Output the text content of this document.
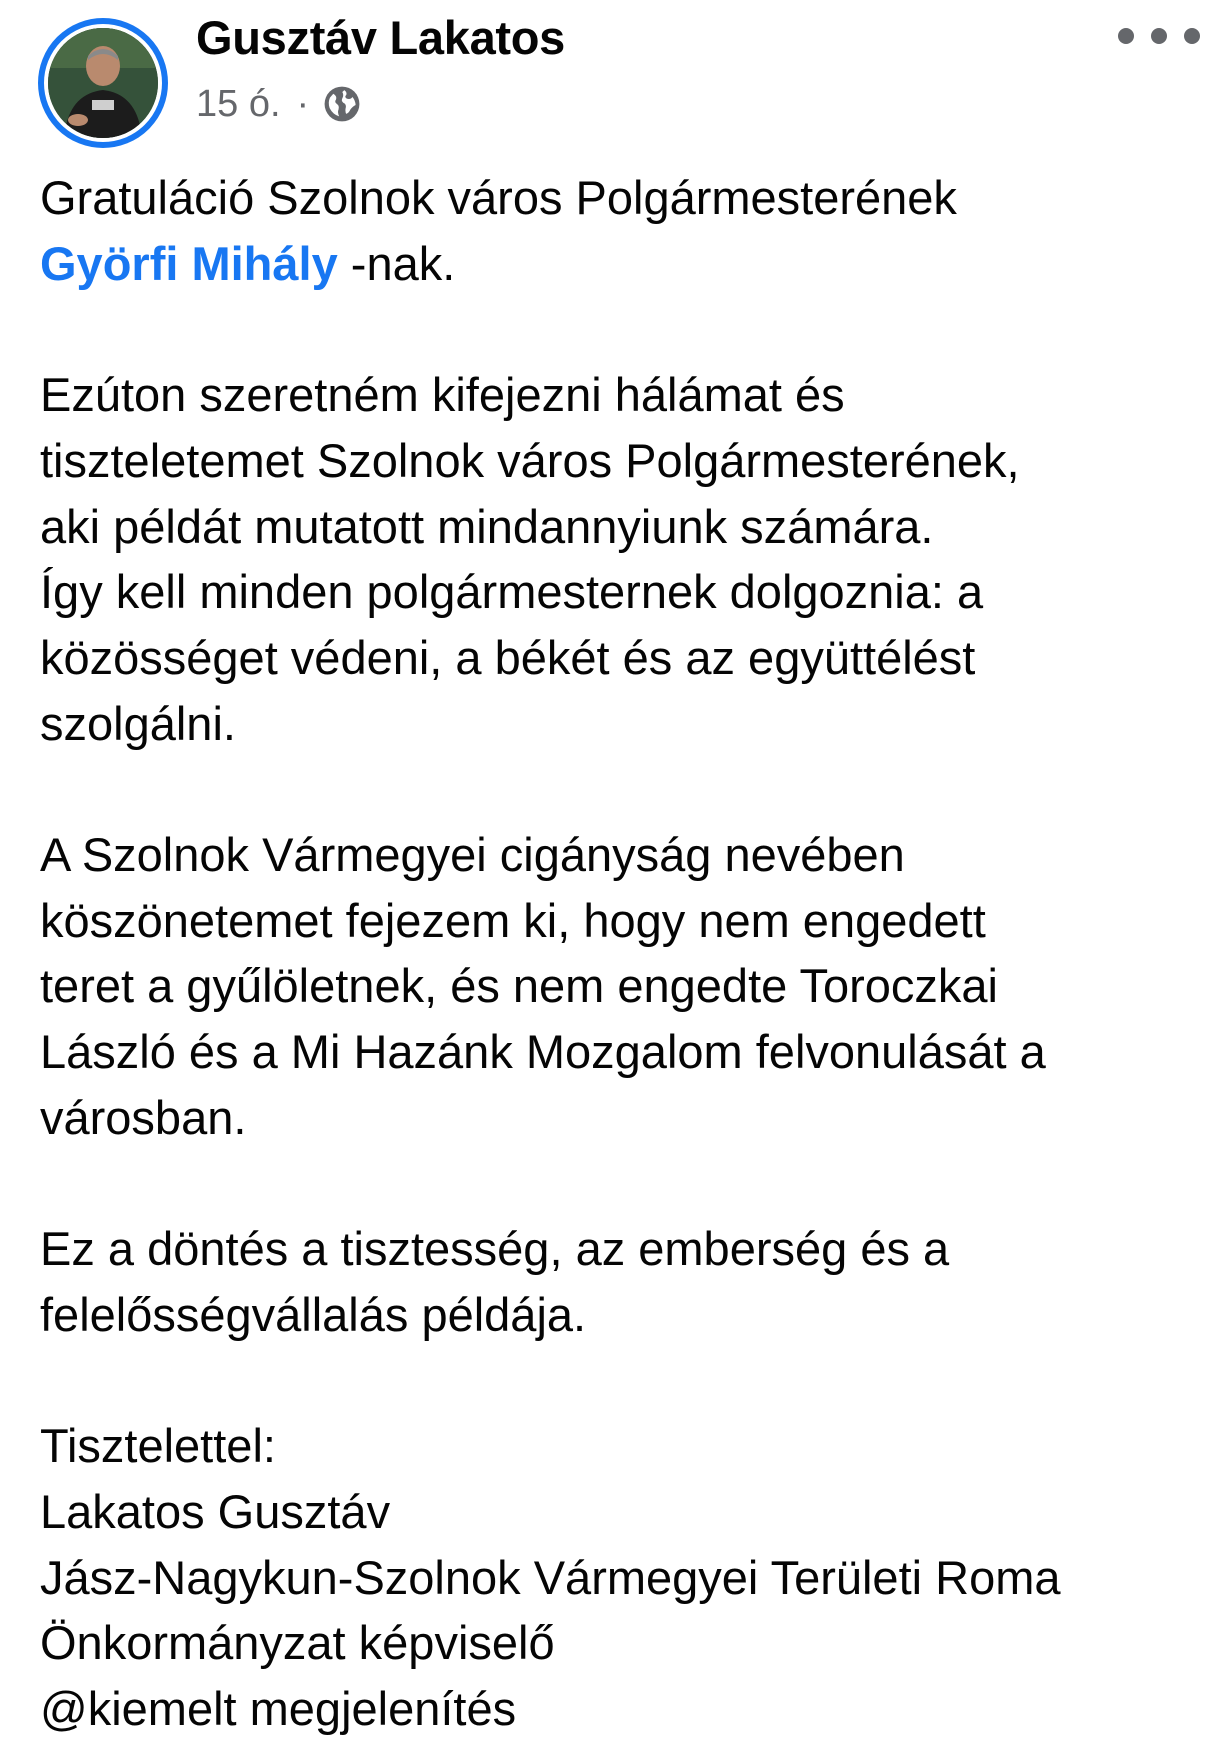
Gusztáv Lakatos
15 ó. ·

Gratuláció Szolnok város Polgármesterének

Györfi Mihály -nak.

Ezúton szeretném kifejezni hálámat és

tiszteletemet Szolnok város Polgármesterének,

aki példát mutatott mindannyiunk számára.

Így kell minden polgármesternek dolgoznia: a

közösséget védeni, a békét és az együttélést

szolgálni.

A Szolnok Vármegyei cigányság nevében

köszönetemet fejezem ki, hogy nem engedett

teret a gyűlöletnek, és nem engedte Toroczkai

László és a Mi Hazánk Mozgalom felvonulását a

városban.

Ez a döntés a tisztesség, az emberség és a

felelősségvállalás példája.

Tisztelettel:

Lakatos Gusztáv

Jász-Nagykun-Szolnok Vármegyei Területi Roma

Önkormányzat képviselő

@kiemelt megjelenítés
